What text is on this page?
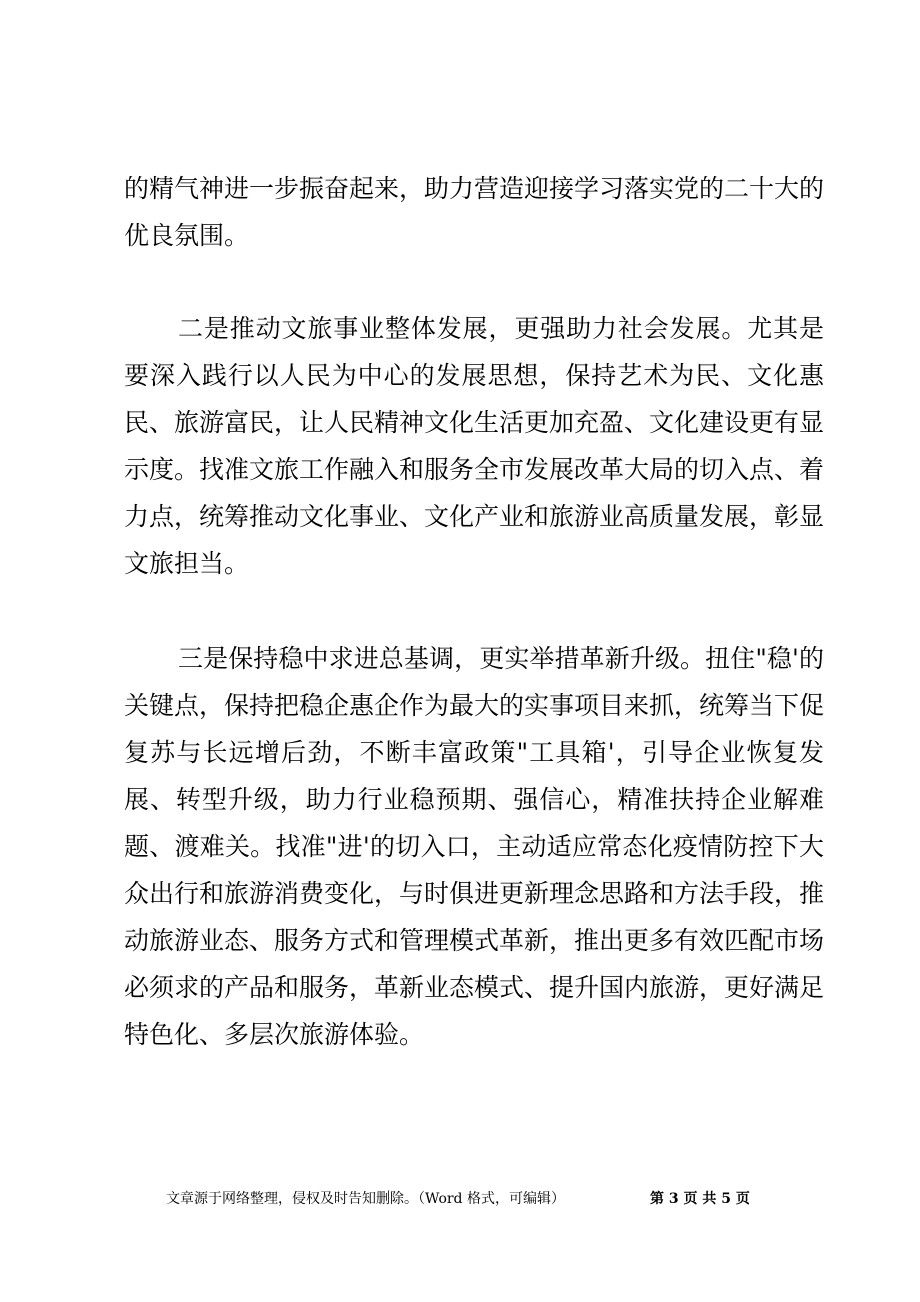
的精气神进一步振奋起来，助力营造迎接学习落实党的二十大的优良氛围。

二是推动文旅事业整体发展，更强助力社会发展。尤其是要深入践行以人民为中心的发展思想，保持艺术为民、文化惠民、旅游富民，让人民精神文化生活更加充盈、文化建设更有显示度。找准文旅工作融入和服务全市发展改革大局的切入点、着力点，统筹推动文化事业、文化产业和旅游业高质量发展，彰显文旅担当。

三是保持稳中求进总基调，更实举措革新升级。扭住"稳'的关键点，保持把稳企惠企作为最大的实事项目来抓，统筹当下促复苏与长远增后劲，不断丰富政策"工具箱'，引导企业恢复发展、转型升级，助力行业稳预期、强信心，精准扶持企业解难题、渡难关。找准"进'的切入口，主动适应常态化疫情防控下大众出行和旅游消费变化，与时俱进更新理念思路和方法手段，推动旅游业态、服务方式和管理模式革新，推出更多有效匹配市场必须求的产品和服务，革新业态模式、提升国内旅游，更好满足特色化、多层次旅游体验。

文章源于网络整理，侵权及时告知删除。（Word 格式，可编辑）	第 3 页 共 5 页
